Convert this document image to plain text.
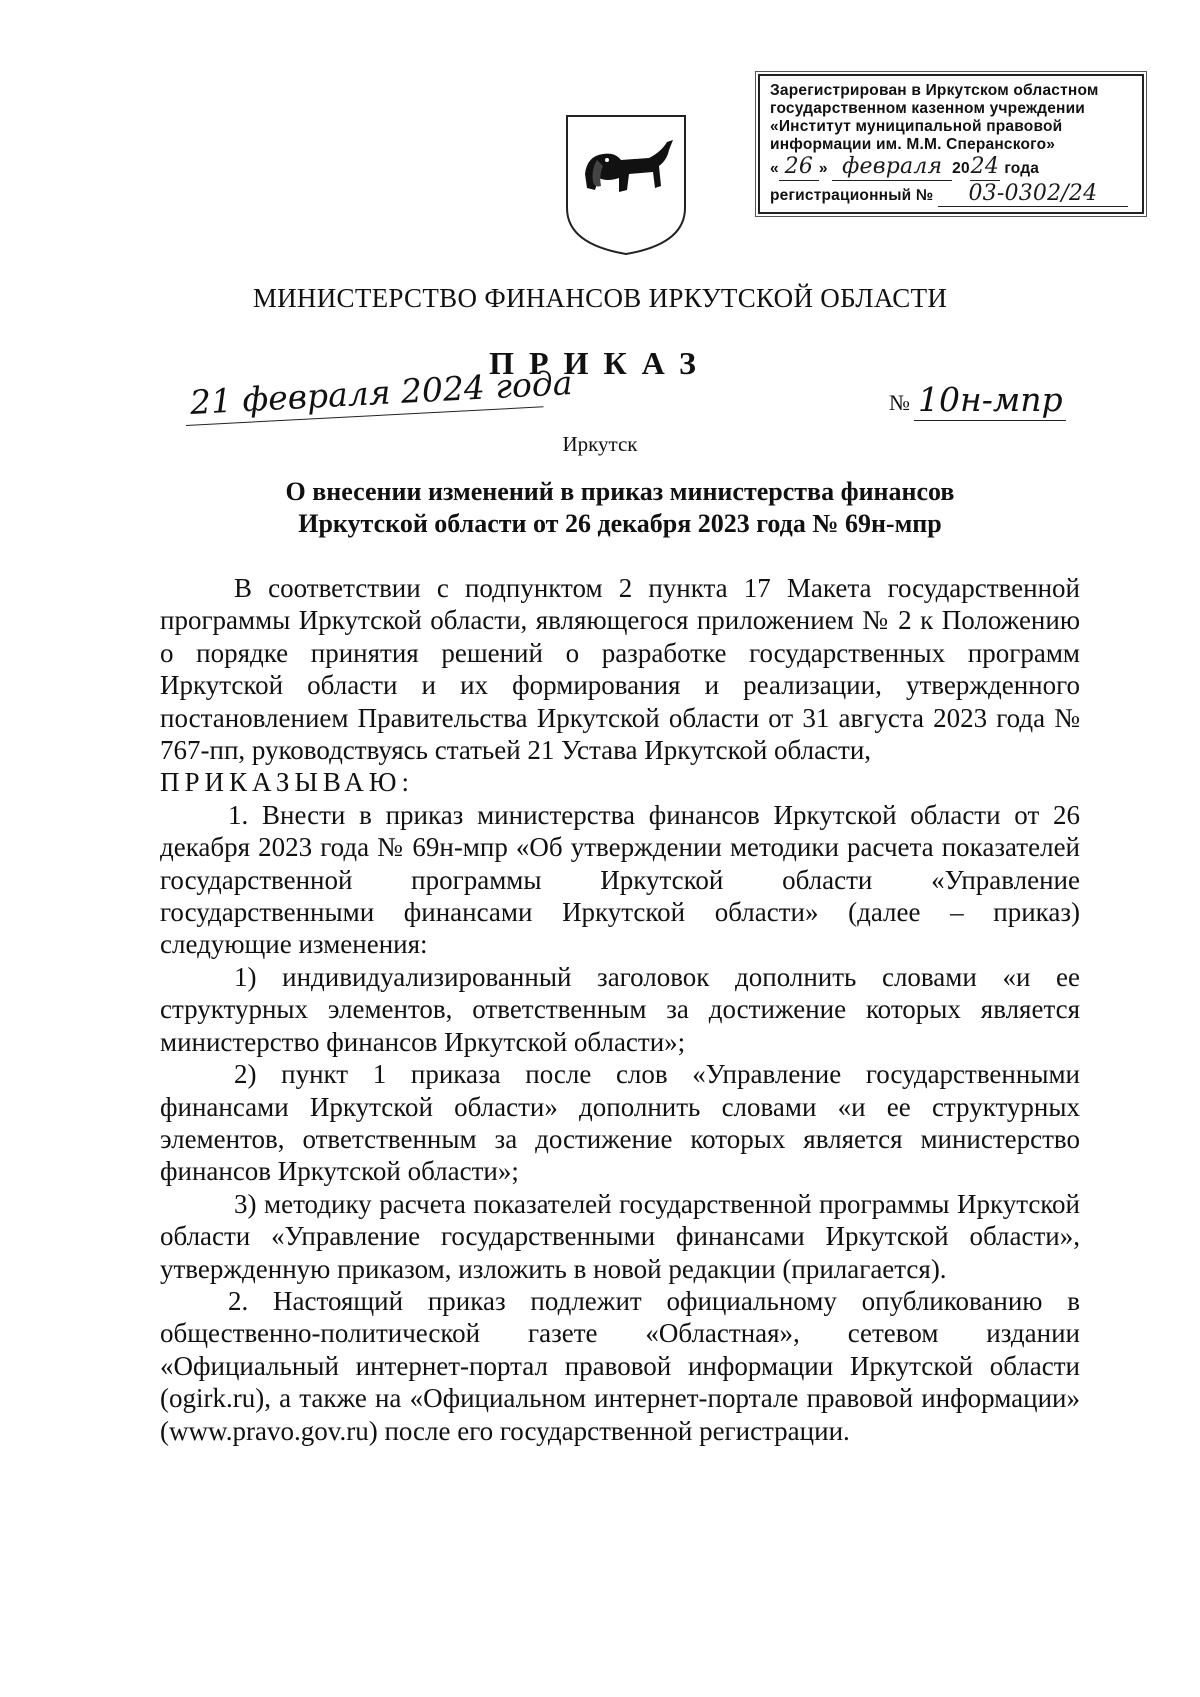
Зарегистрирован в Иркутском областном
государственном казенном учреждении
«Институт муниципальной правовой
информации им. М.М. Сперанского»
« 26 » февраля 2024 года
регистрационный № 03-0302/24
МИНИСТЕРСТВО ФИНАНСОВ ИРКУТСКОЙ ОБЛАСТИ
ПРИКАЗ
21 февраля 2024 года	№ 10н-мпр
Иркутск
О внесении изменений в приказ министерства финансов
Иркутской области от 26 декабря 2023 года № 69н-мпр

В соответствии с подпунктом 2 пункта 17 Макета государственной программы Иркутской области, являющегося приложением № 2 к Положению о порядке принятия решений о разработке государственных программ Иркутской области и их формирования и реализации, утвержденного постановлением Правительства Иркутской области от 31 августа 2023 года № 767-пп, руководствуясь статьей 21 Устава Иркутской области,

ПРИКАЗЫВАЮ:

1. Внести в приказ министерства финансов Иркутской области от 26 декабря 2023 года № 69н-мпр «Об утверждении методики расчета показателей государственной программы Иркутской области «Управление государственными финансами Иркутской области» (далее – приказ) следующие изменения:

1) индивидуализированный заголовок дополнить словами «и ее структурных элементов, ответственным за достижение которых является министерство финансов Иркутской области»;

2) пункт 1 приказа после слов «Управление государственными финансами Иркутской области» дополнить словами «и ее структурных элементов, ответственным за достижение которых является министерство финансов Иркутской области»;

3) методику расчета показателей государственной программы Иркутской области «Управление государственными финансами Иркутской области», утвержденную приказом, изложить в новой редакции (прилагается).

2. Настоящий приказ подлежит официальному опубликованию в общественно-политической газете «Областная», сетевом издании «Официальный интернет-портал правовой информации Иркутской области (ogirk.ru), а также на «Официальном интернет-портале правовой информации» (www.pravo.gov.ru) после его государственной регистрации.
